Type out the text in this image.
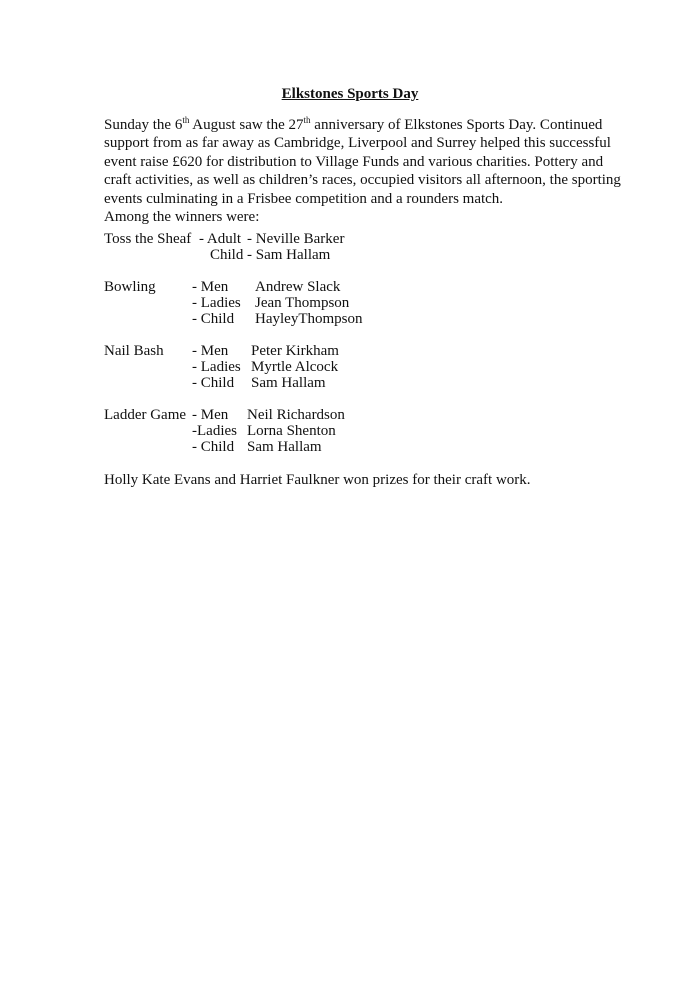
Elkstones Sports Day
Sunday the 6th August saw the 27th anniversary of Elkstones Sports Day. Continued
support from as far away as Cambridge, Liverpool and Surrey helped this successful
event raise £620 for distribution to Village Funds and various charities. Pottery and
craft activities, as well as children’s races, occupied visitors all afternoon, the sporting
events culminating in a Frisbee competition and a rounders match.
Among the winners were:
Toss the Sheaf - Adult - Neville Barker
Child - Sam Hallam
Bowling - Men Andrew Slack
- Ladies Jean Thompson
- Child HayleyThompson
Nail Bash - Men Peter Kirkham
- Ladies Myrtle Alcock
- Child Sam Hallam
Ladder Game - Men Neil Richardson
-Ladies Lorna Shenton
- Child Sam Hallam
Holly Kate Evans and Harriet Faulkner won prizes for their craft work.
